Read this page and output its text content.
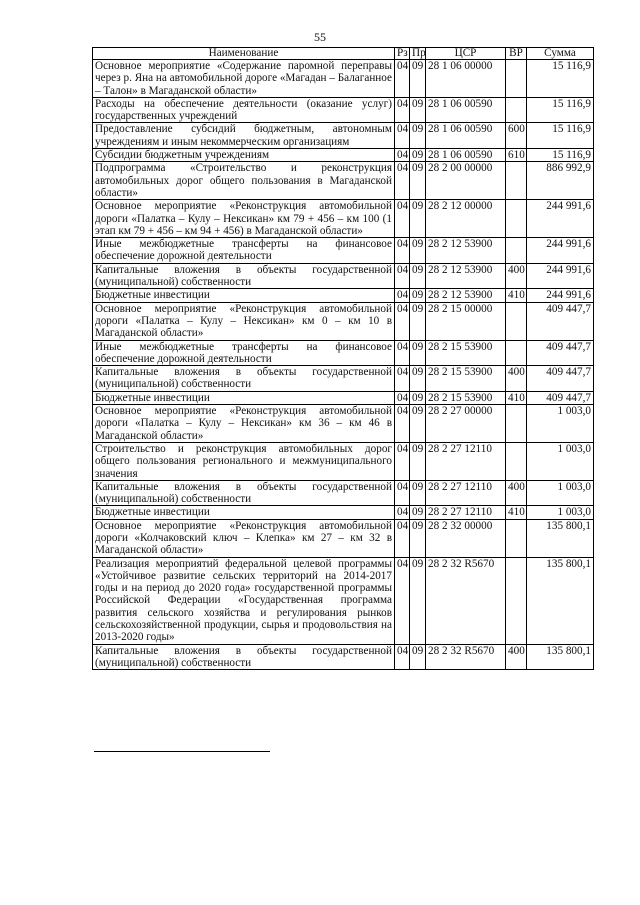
55
Наименование	Рз	Пр	ЦСР	ВР	Сумма
Основное мероприятие «Содержание паромной переправы через р. Яна на автомобильной дороге «Магадан – Балаганное – Талон» в Магаданской области»	04	09	28 1 06 00000		15 116,9
Расходы на обеспечение деятельности (оказание услуг) государственных учреждений	04	09	28 1 06 00590		15 116,9
Предоставление субсидий бюджетным, автономным учреждениям и иным некоммерческим организациям	04	09	28 1 06 00590	600	15 116,9
Субсидии бюджетным учреждениям	04	09	28 1 06 00590	610	15 116,9
Подпрограмма «Строительство и реконструкция автомобильных дорог общего пользования в Магаданской области»	04	09	28 2 00 00000		886 992,9
Основное мероприятие «Реконструкция автомобильной дороги «Палатка – Кулу – Нексикан» км 79 + 456 – км 100 (1 этап км 79 + 456 – км 94 + 456) в Магаданской области»	04	09	28 2 12 00000		244 991,6
Иные межбюджетные трансферты на финансовое обеспечение дорожной деятельности	04	09	28 2 12 53900		244 991,6
Капитальные вложения в объекты государственной (муниципальной) собственности	04	09	28 2 12 53900	400	244 991,6
Бюджетные инвестиции	04	09	28 2 12 53900	410	244 991,6
Основное мероприятие «Реконструкция автомобильной дороги «Палатка – Кулу – Нексикан» км 0 – км 10 в Магаданской области»	04	09	28 2 15 00000		409 447,7
Иные межбюджетные трансферты на финансовое обеспечение дорожной деятельности	04	09	28 2 15 53900		409 447,7
Капитальные вложения в объекты государственной (муниципальной) собственности	04	09	28 2 15 53900	400	409 447,7
Бюджетные инвестиции	04	09	28 2 15 53900	410	409 447,7
Основное мероприятие «Реконструкция автомобильной дороги «Палатка – Кулу – Нексикан» км 36 – км 46 в Магаданской области»	04	09	28 2 27 00000		1 003,0
Строительство и реконструкция автомобильных дорог общего пользования регионального и межмуниципального значения	04	09	28 2 27 12110		1 003,0
Капитальные вложения в объекты государственной (муниципальной) собственности	04	09	28 2 27 12110	400	1 003,0
Бюджетные инвестиции	04	09	28 2 27 12110	410	1 003,0
Основное мероприятие «Реконструкция автомобильной дороги «Колчаковский ключ – Клепка» км 27 – км 32 в Магаданской области»	04	09	28 2 32 00000		135 800,1
Реализация мероприятий федеральной целевой программы «Устойчивое развитие сельских территорий на 2014-2017 годы и на период до 2020 года» государственной программы Российской Федерации «Государственная программа развития сельского хозяйства и регулирования рынков сельскохозяйственной продукции, сырья и продовольствия на 2013-2020 годы»	04	09	28 2 32 R5670		135 800,1
Капитальные вложения в объекты государственной (муниципальной) собственности	04	09	28 2 32 R5670	400	135 800,1
